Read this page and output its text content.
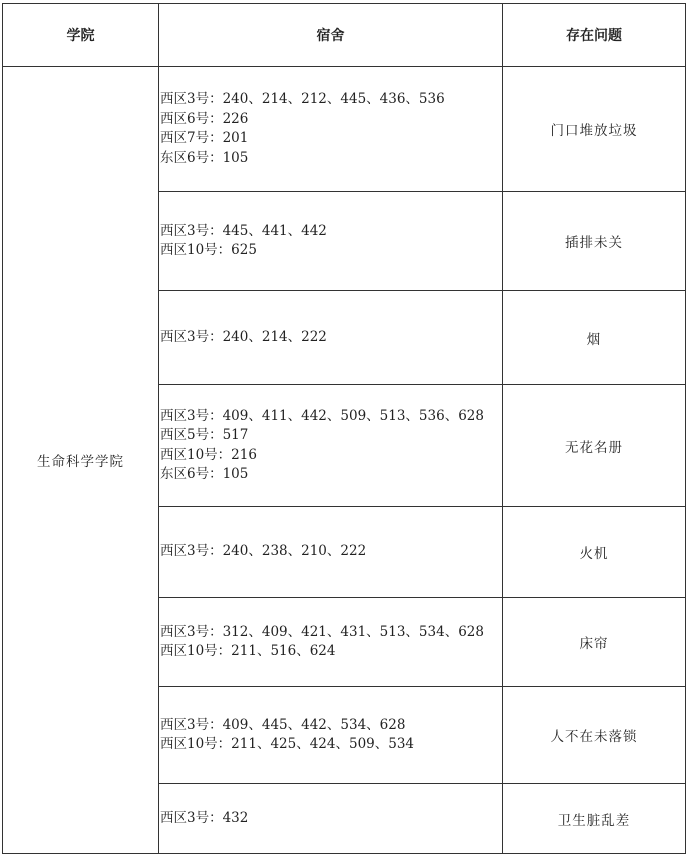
学院	宿舍	存在问题
生命科学学院	西区3号：240、214、212、445、436、536
西区6号：226
西区7号：201
东区6号：105	门口堆放垃圾

	西区3号：445、441、442
西区10号：625	插排未关

	西区3号：240、214、222	烟

	西区3号：409、411、442、509、513、536、628
西区5号：517
西区10号：216
东区6号：105	无花名册

	西区3号：240、238、210、222	火机

	西区3号：312、409、421、431、513、534、628
西区10号：211、516、624	床帘

	西区3号：409、445、442、534、628
西区10号：211、425、424、509、534	人不在未落锁

	西区3号：432	卫生脏乱差
